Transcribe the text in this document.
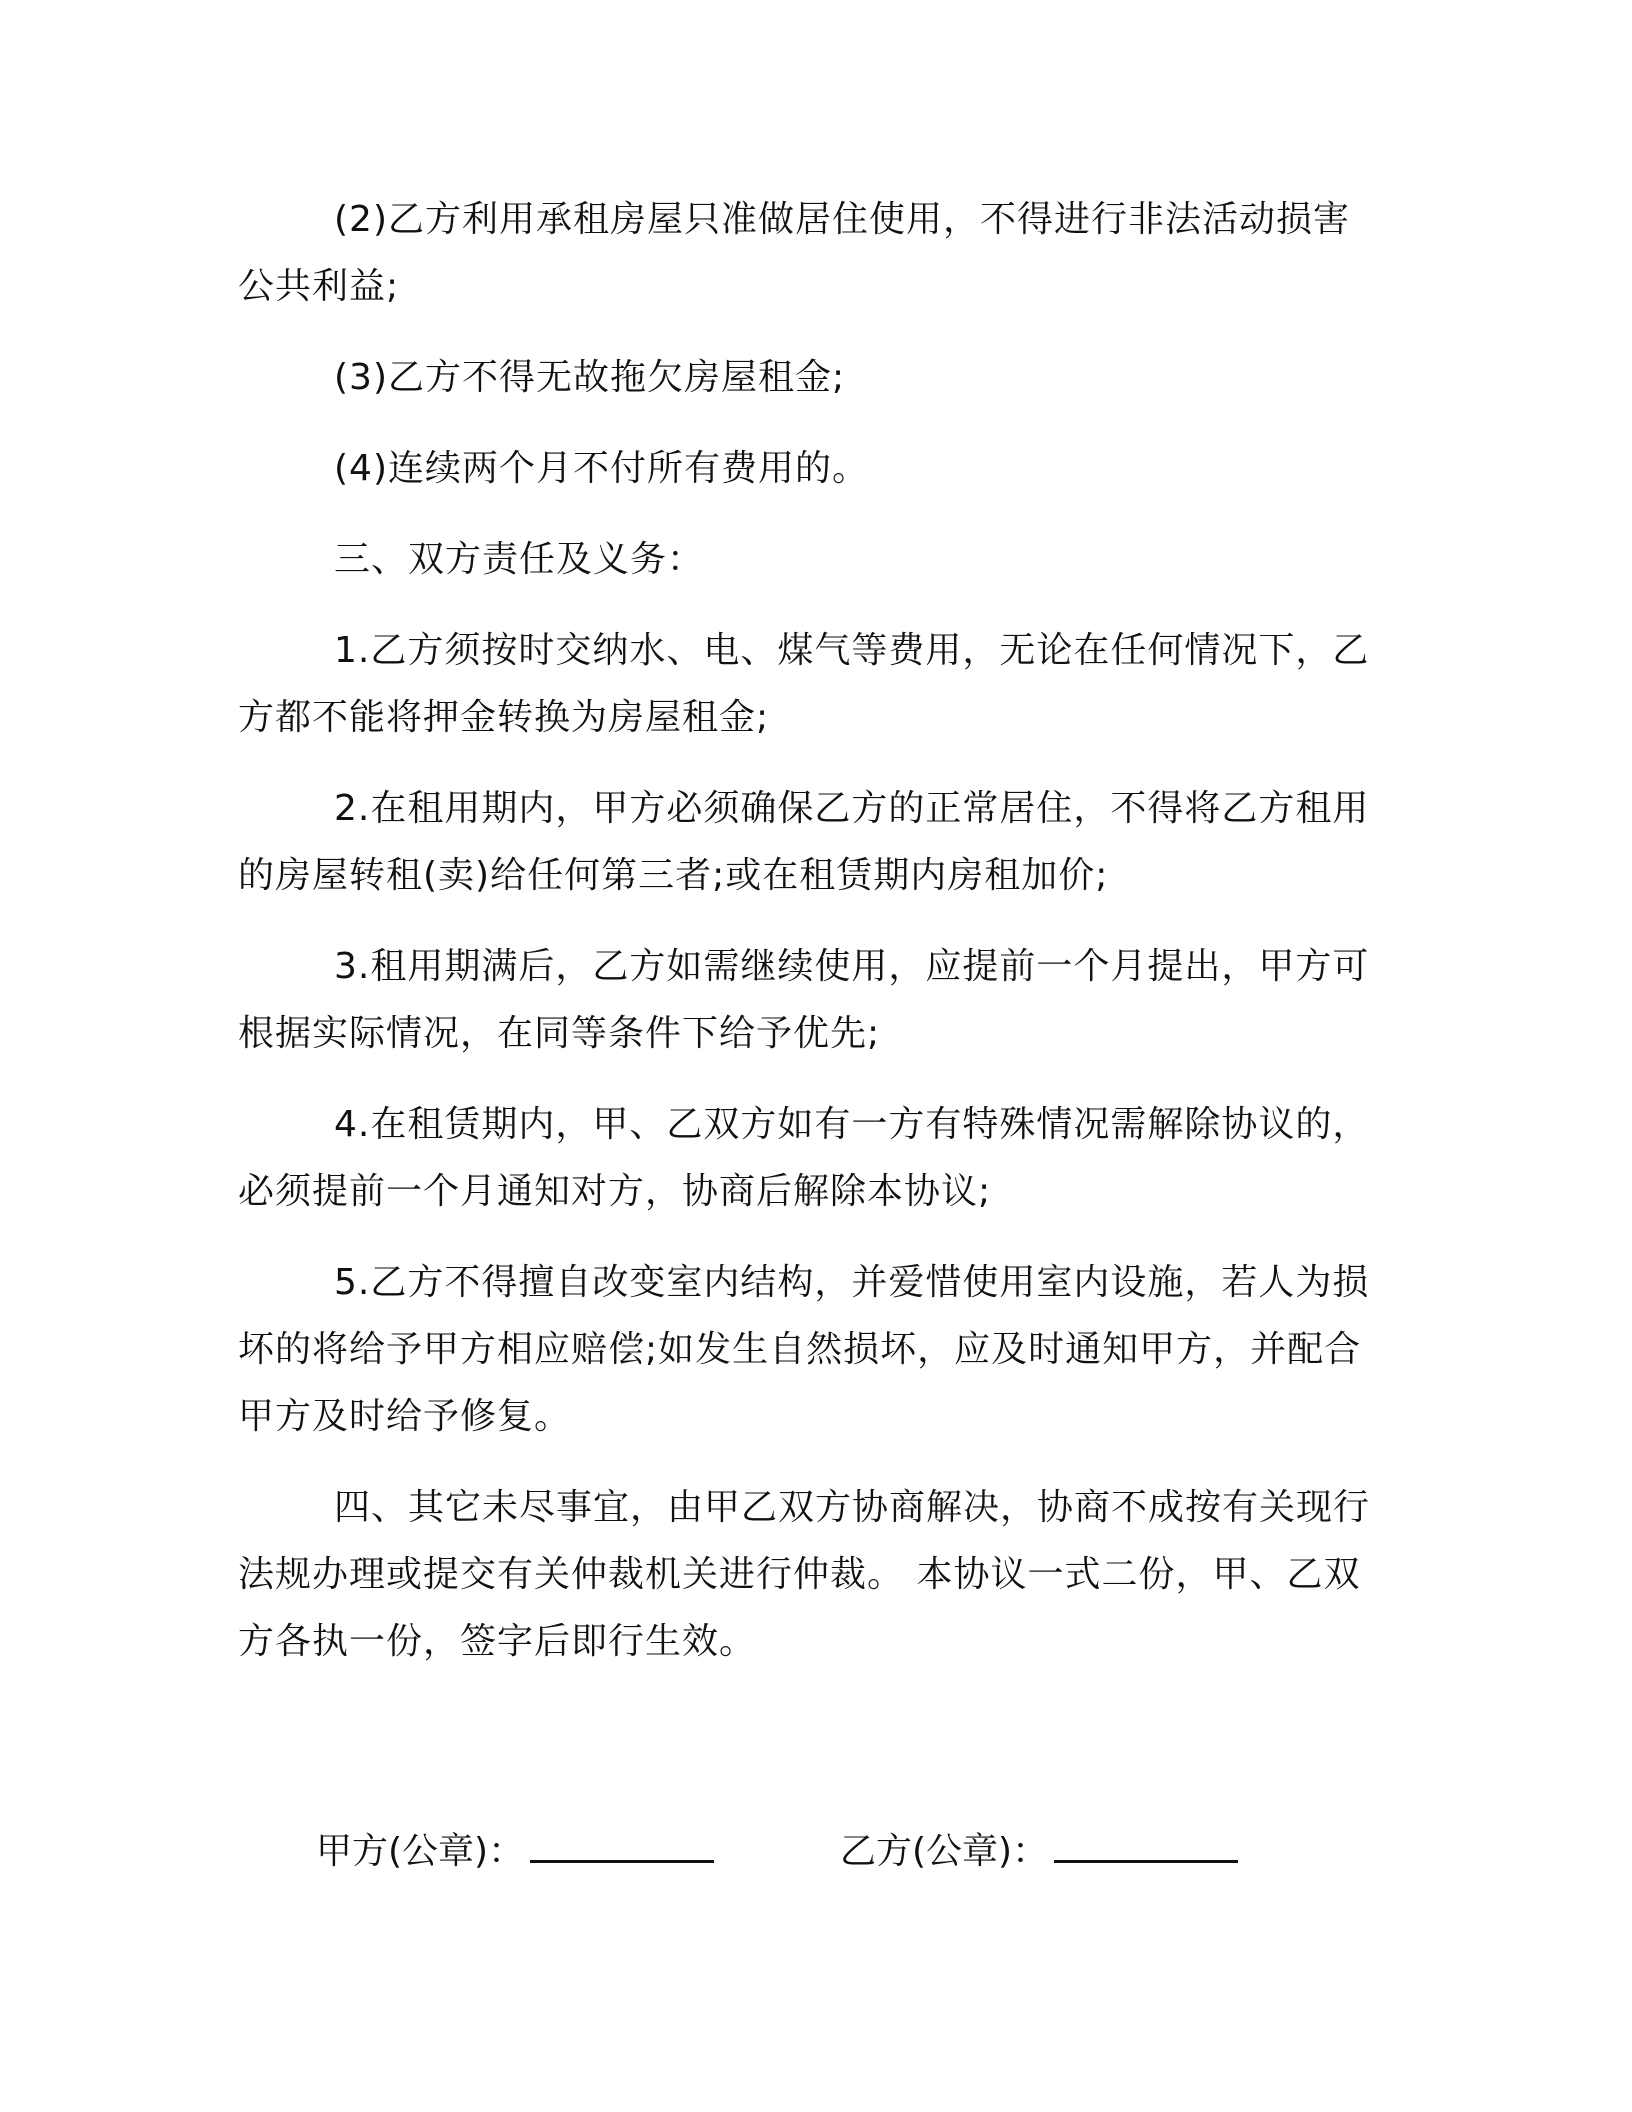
(2)乙方利用承租房屋只准做居住使用，不得进行非法活动损害公共利益;

(3)乙方不得无故拖欠房屋租金;

(4)连续两个月不付所有费用的。

三、双方责任及义务：

1.乙方须按时交纳水、电、煤气等费用，无论在任何情况下，乙方都不能将押金转换为房屋租金;

2.在租用期内，甲方必须确保乙方的正常居住，不得将乙方租用的房屋转租(卖)给任何第三者;或在租赁期内房租加价;

3.租用期满后，乙方如需继续使用，应提前一个月提出，甲方可根据实际情况，在同等条件下给予优先;

4.在租赁期内，甲、乙双方如有一方有特殊情况需解除协议的，必须提前一个月通知对方，协商后解除本协议;

5.乙方不得擅自改变室内结构，并爱惜使用室内设施，若人为损坏的将给予甲方相应赔偿;如发生自然损坏，应及时通知甲方，并配合甲方及时给予修复。

四、其它未尽事宜，由甲乙双方协商解决，协商不成按有关现行法规办理或提交有关仲裁机关进行仲裁。 本协议一式二份，甲、乙双方各执一份，签字后即行生效。

甲方(公章)：	乙方(公章)：
